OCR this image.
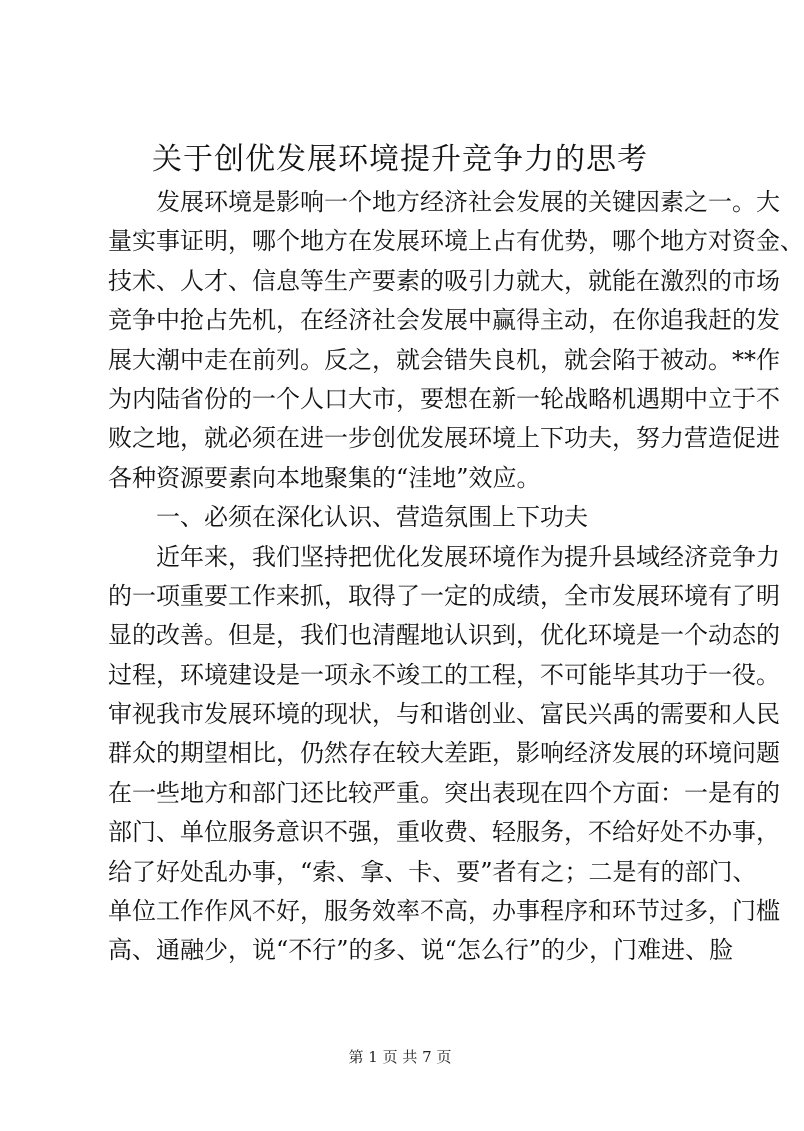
关于创优发展环境提升竞争力的思考
发展环境是影响一个地方经济社会发展的关键因素之一。大
量实事证明，哪个地方在发展环境上占有优势，哪个地方对资金、
技术、人才、信息等生产要素的吸引力就大，就能在激烈的市场
竞争中抢占先机，在经济社会发展中赢得主动，在你追我赶的发
展大潮中走在前列。反之，就会错失良机，就会陷于被动。**作
为内陆省份的一个人口大市，要想在新一轮战略机遇期中立于不
败之地，就必须在进一步创优发展环境上下功夫，努力营造促进
各种资源要素向本地聚集的“洼地”效应。
一、必须在深化认识、营造氛围上下功夫
近年来，我们坚持把优化发展环境作为提升县域经济竞争力
的一项重要工作来抓，取得了一定的成绩，全市发展环境有了明
显的改善。但是，我们也清醒地认识到，优化环境是一个动态的
过程，环境建设是一项永不竣工的工程，不可能毕其功于一役。
审视我市发展环境的现状，与和谐创业、富民兴禹的需要和人民
群众的期望相比，仍然存在较大差距，影响经济发展的环境问题
在一些地方和部门还比较严重。突出表现在四个方面：一是有的
部门、单位服务意识不强，重收费、轻服务，不给好处不办事，
给了好处乱办事，“索、拿、卡、要”者有之；二是有的部门、
单位工作作风不好，服务效率不高，办事程序和环节过多，门槛
高、通融少，说“不行”的多、说“怎么行”的少，门难进、脸
第 1 页 共 7 页
